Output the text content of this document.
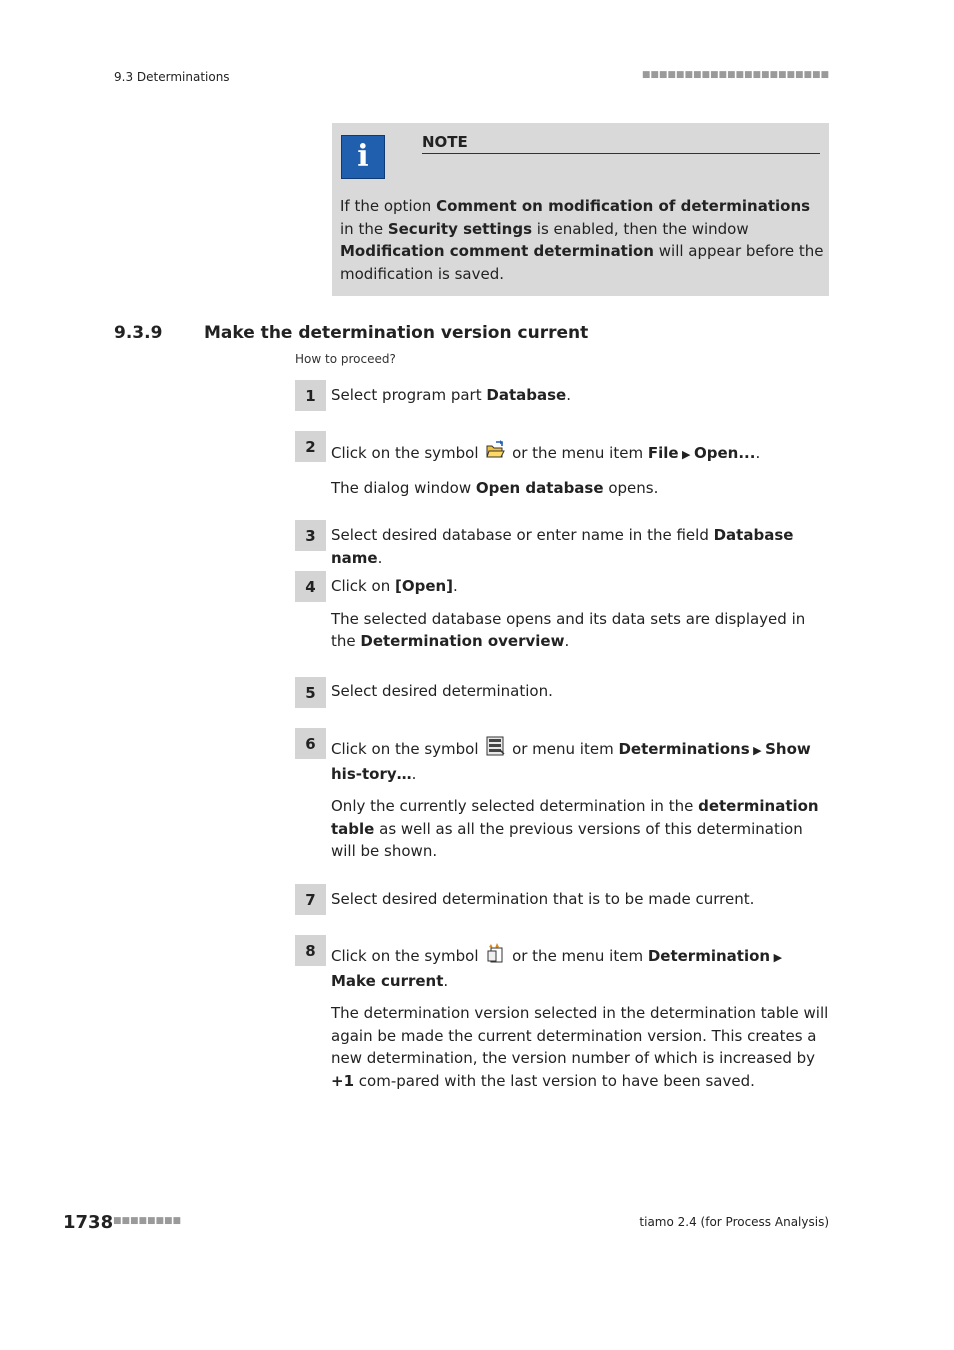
9.3 Determinations	■■■■■■■■■■■■■■■■■■■■■■
i	NOTE
If the option Comment on modification of determinations in the Security settings is enabled, then the window Modification comment determination will appear before the modification is saved.
9.3.9 Make the determination version current
How to proceed?
1	Select program part Database.

2	Click on the symbol  or the menu item File ▶ Open....

The dialog window Open database opens.

3	Select desired database or enter name in the field Database name.

4	Click on [Open].

The selected database opens and its data sets are displayed in the Determination overview.

5	Select desired determination.

6	Click on the symbol  or menu item Determinations ▶ Show his-tory….

Only the currently selected determination in the determination table as well as all the previous versions of this determination will be shown.

7	Select desired determination that is to be made current.

8	Click on the symbol  or the menu item Determination ▶ Make current.

The determination version selected in the determination table will again be made the current determination version. This creates a new determination, the version number of which is increased by +1 com-pared with the last version to have been saved.

1738 ■■■■■■■■	tiamo 2.4 (for Process Analysis)
